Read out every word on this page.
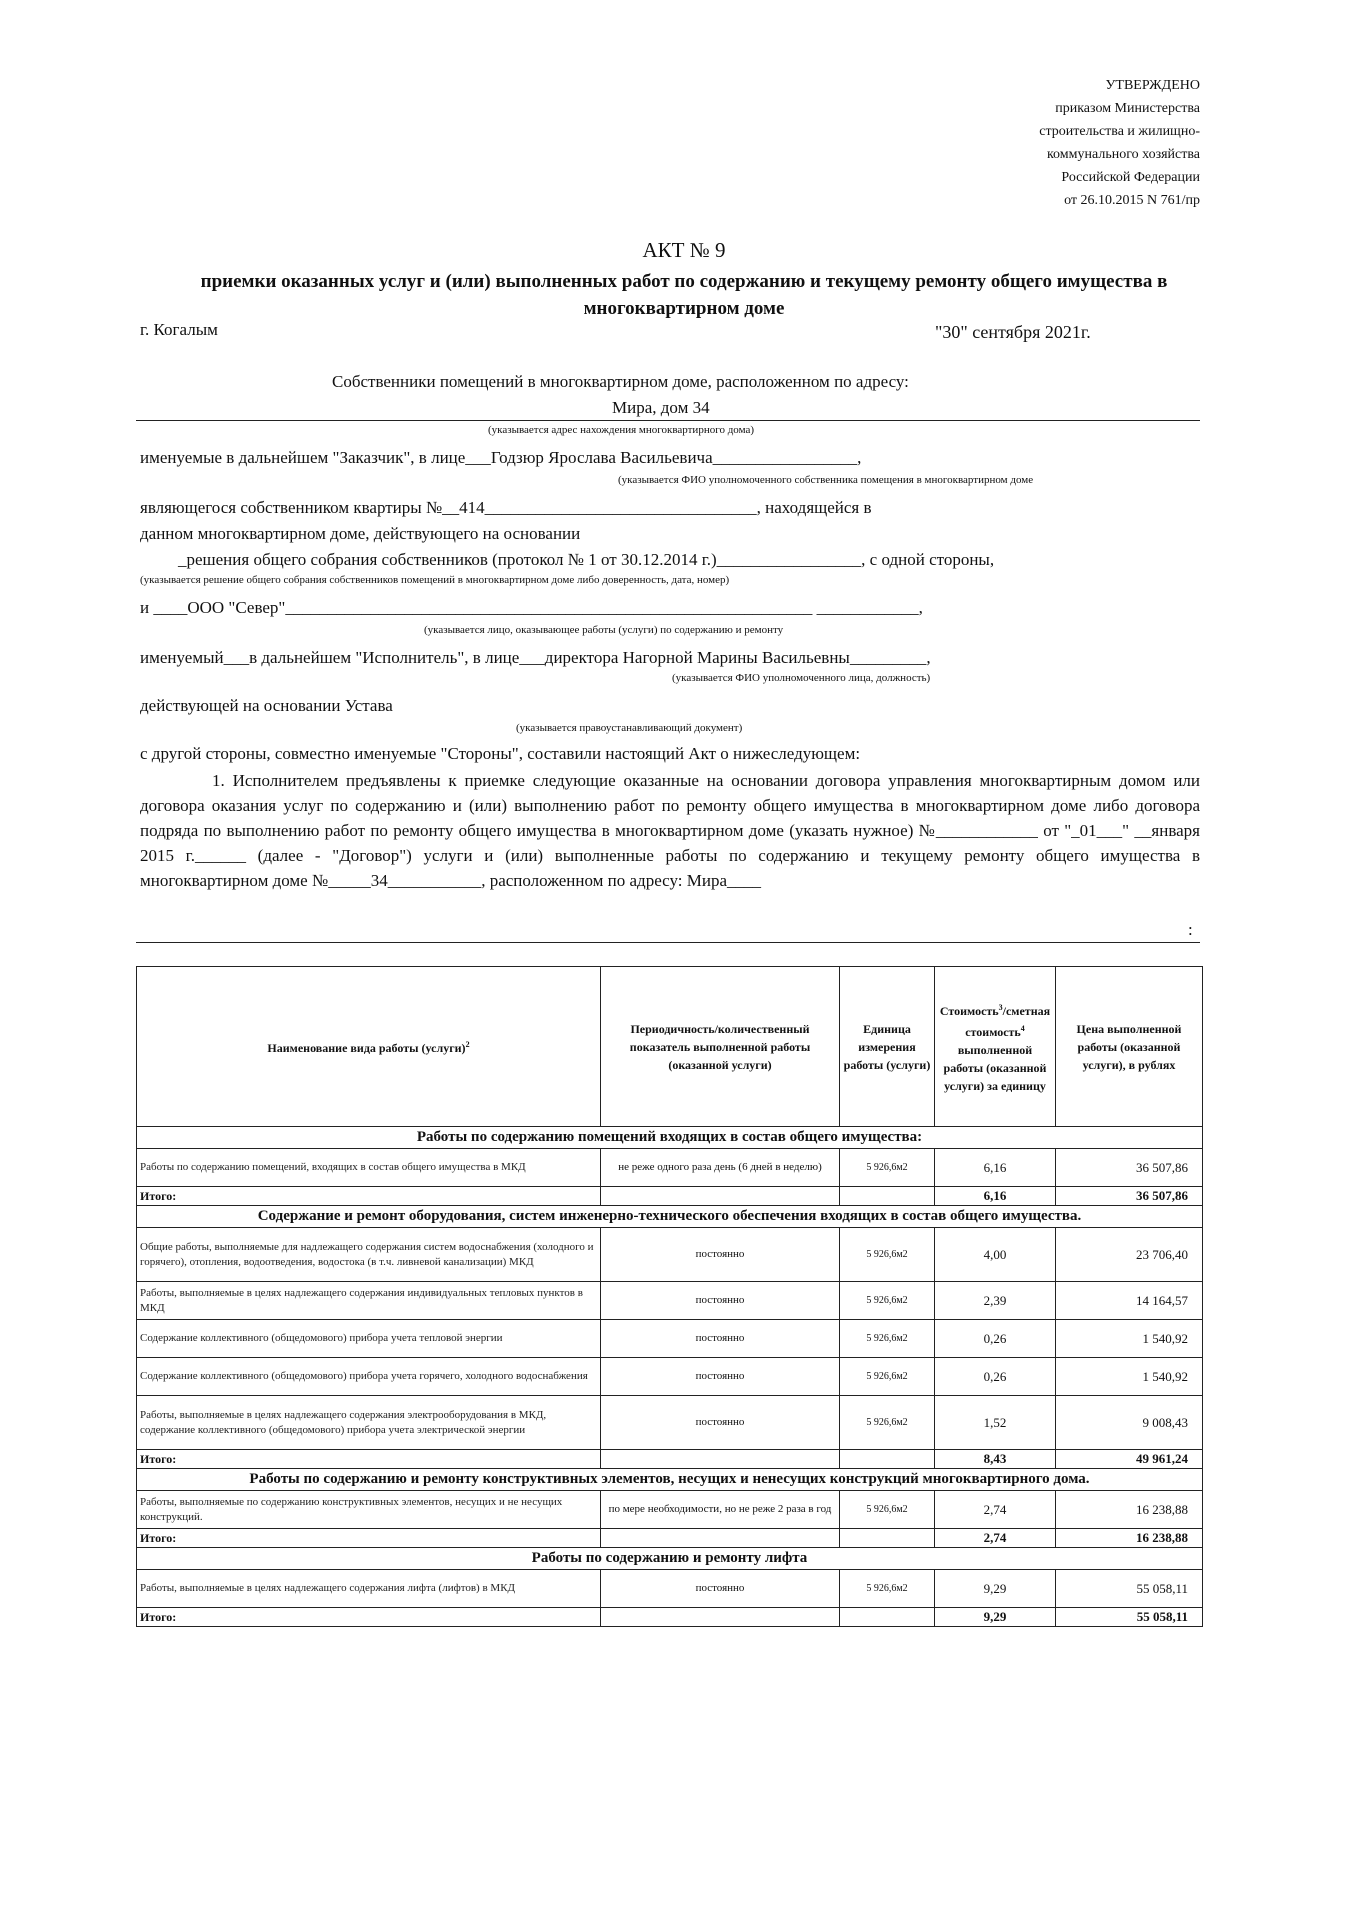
УТВЕРЖДЕНО
приказом Министерства
строительства и жилищно-
коммунального хозяйства
Российской Федерации
от 26.10.2015 N 761/пр
АКТ № 9
приемки оказанных услуг и (или) выполненных работ по содержанию и текущему ремонту общего имущества в многоквартирном доме
г. Когалым	"30" сентября 2021г.
Собственники помещений в многоквартирном доме, расположенном по адресу:
Мира, дом 34
(указывается адрес нахождения многоквартирного дома)
именуемые в дальнейшем "Заказчик", в лице___Годзюр Ярослава Васильевича_________________,
(указывается ФИО уполномоченного собственника помещения в многоквартирном доме
являющегося собственником квартиры №__414________________________________, находящейся в
данном многоквартирном доме, действующего на основании
_решения общего собрания собственников (протокол № 1 от 30.12.2014 г.)_________________, с одной стороны,
(указывается решение общего собрания собственников помещений в многоквартирном доме либо доверенность, дата, номер)
и ____ООО "Север"______________________________________________________________ ____________,
(указывается лицо, оказывающее работы (услуги) по содержанию и ремонту
именуемый___в дальнейшем "Исполнитель", в лице___директора Нагорной Марины Васильевны_________,
(указывается ФИО уполномоченного лица, должность)
действующей на основании Устава
(указывается правоустанавливающий документ)
с другой стороны, совместно именуемые "Стороны", составили настоящий Акт о нижеследующем:

1. Исполнителем предъявлены к приемке следующие оказанные на основании договора управления многоквартирным домом или договора оказания услуг по содержанию и (или) выполнению работ по ремонту общего имущества в многоквартирном доме либо договора подряда по выполнению работ по ремонту общего имущества в многоквартирном доме (указать нужное) №____________ от "_01___" __января 2015 г.______ (далее - "Договор") услуги и (или) выполненные работы по содержанию и текущему ремонту общего имущества в многоквартирном доме №_____34___________, расположенном по адресу: Мира____

:
Наименование вида работы (услуги)$^2$	Периодичность/количественный показатель выполненной работы (оказанной услуги)	Единица измерения работы (услуги)	Стоимость$^3$/сметная стоимость$^4$ выполненной работы (оказанной услуги) за единицу	Цена выполненной работы (оказанной услуги), в рублях
Работы по содержанию помещений входящих в состав общего имущества:				
Работы по содержанию помещений, входящих в состав общего имущества в МКД	не реже одного раза день (6 дней в неделю)	5 926,6м2	6,16	36 507,86
Итого:			6,16	36 507,86
Содержание и ремонт оборудования, систем инженерно-технического обеспечения входящих в состав общего имущества.				
Общие работы, выполняемые для надлежащего содержания систем водоснабжения (холодного и горячего), отопления, водоотведения, водостока (в т.ч. ливневой канализации) МКД	постоянно	5 926,6м2	4,00	23 706,40
Работы, выполняемые в целях надлежащего содержания индивидуальных тепловых пунктов в МКД	постоянно	5 926,6м2	2,39	14 164,57
Содержание коллективного (общедомового) прибора учета тепловой энергии	постоянно	5 926,6м2	0,26	1 540,92
Содержание коллективного (общедомового) прибора учета горячего, холодного водоснабжения	постоянно	5 926,6м2	0,26	1 540,92
Работы, выполняемые в целях надлежащего содержания электрооборудования в МКД, содержание коллективного (общедомового) прибора учета электрической энергии	постоянно	5 926,6м2	1,52	9 008,43
Итого:			8,43	49 961,24
Работы по содержанию и ремонту конструктивных элементов, несущих и ненесущих конструкций многоквартирного дома.				
Работы, выполняемые по содержанию конструктивных элементов, несущих и не несущих конструкций.	по мере необходимости, но не реже 2 раза в год	5 926,6м2	2,74	16 238,88
Итого:			2,74	16 238,88
Работы по содержанию и ремонту лифта				
Работы, выполняемые в целях надлежащего содержания лифта (лифтов) в МКД	постоянно	5 926,6м2	9,29	55 058,11
Итого:			9,29	55 058,11
